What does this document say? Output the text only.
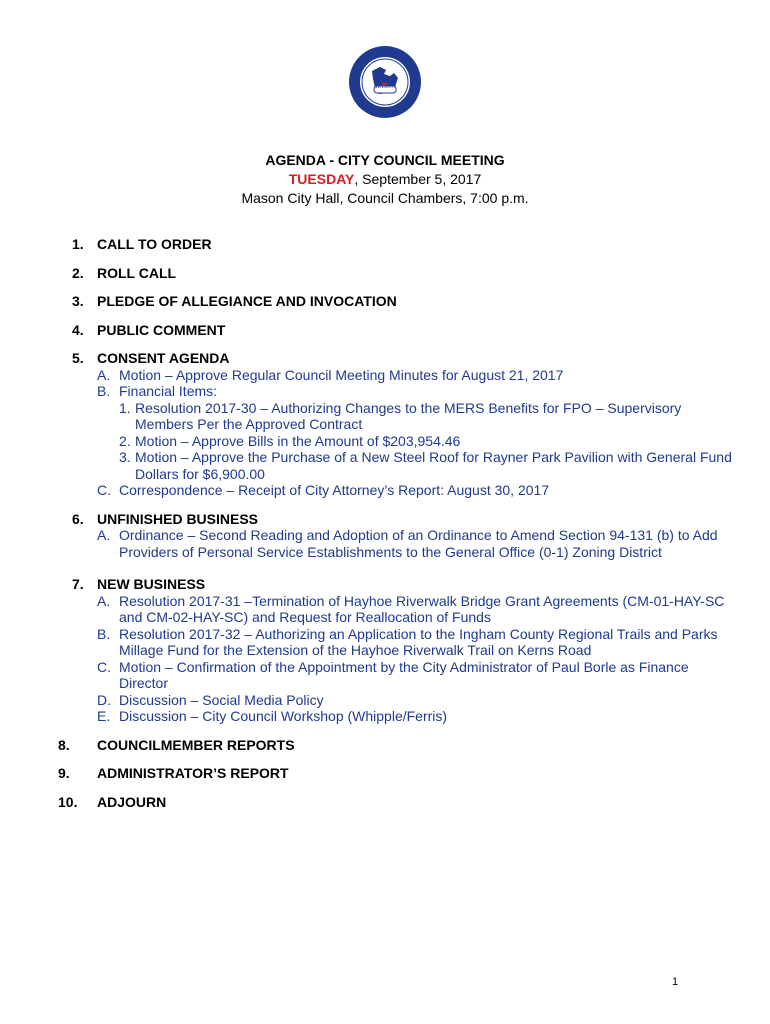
MASON
AGENDA - CITY COUNCIL MEETING
TUESDAY, September 5, 2017
Mason City Hall, Council Chambers, 7:00 p.m.
1. CALL TO ORDER
2. ROLL CALL
3. PLEDGE OF ALLEGIANCE AND INVOCATION
4. PUBLIC COMMENT
5. CONSENT AGENDA
A. Motion – Approve Regular Council Meeting Minutes for August 21, 2017
B. Financial Items:
1. Resolution 2017-30 – Authorizing Changes to the MERS Benefits for FPO – Supervisory Members Per the Approved Contract
2. Motion – Approve Bills in the Amount of $203,954.46
3. Motion – Approve the Purchase of a New Steel Roof for Rayner Park Pavilion with General Fund Dollars for $6,900.00
C. Correspondence – Receipt of City Attorney’s Report: August 30, 2017
6. UNFINISHED BUSINESS
A. Ordinance – Second Reading and Adoption of an Ordinance to Amend Section 94-131 (b) to Add Providers of Personal Service Establishments to the General Office (0-1) Zoning District
7. NEW BUSINESS
A. Resolution 2017-31 –Termination of Hayhoe Riverwalk Bridge Grant Agreements (CM-01-HAY-SC and CM-02-HAY-SC) and Request for Reallocation of Funds
B. Resolution 2017-32 – Authorizing an Application to the Ingham County Regional Trails and Parks Millage Fund for the Extension of the Hayhoe Riverwalk Trail on Kerns Road
C. Motion – Confirmation of the Appointment by the City Administrator of Paul Borle as Finance Director
D. Discussion – Social Media Policy
E. Discussion – City Council Workshop (Whipple/Ferris)
8. COUNCILMEMBER REPORTS
9. ADMINISTRATOR’S REPORT
10. ADJOURN
1
